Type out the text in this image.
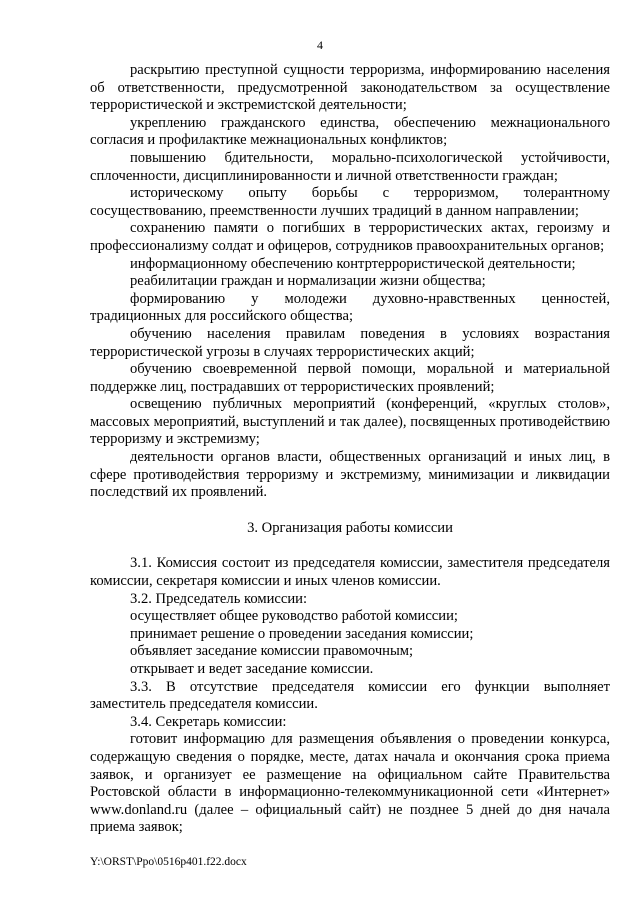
4

раскрытию преступной сущности терроризма, информированию населения об ответственности, предусмотренной законодательством за осуществление террористической и экстремистской деятельности;

укреплению гражданского единства, обеспечению межнационального согласия и профилактике межнациональных конфликтов;

повышению бдительности, морально-психологической устойчивости, сплоченности, дисциплинированности и личной ответственности граждан;

историческому опыту борьбы с терроризмом, толерантному сосуществованию, преемственности лучших традиций в данном направлении;

сохранению памяти о погибших в террористических актах, героизму и профессионализму солдат и офицеров, сотрудников правоохранительных органов;

информационному обеспечению контртеррористической деятельности;

реабилитации граждан и нормализации жизни общества;

формированию у молодежи духовно-нравственных ценностей, традиционных для российского общества;

обучению населения правилам поведения в условиях возрастания террористической угрозы в случаях террористических акций;

обучению своевременной первой помощи, моральной и материальной поддержке лиц, пострадавших от террористических проявлений;

освещению публичных мероприятий (конференций, «круглых столов», массовых мероприятий, выступлений и так далее), посвященных противодействию терроризму и экстремизму;

деятельности органов власти, общественных организаций и иных лиц, в сфере противодействия терроризму и экстремизму, минимизации и ликвидации последствий их проявлений.

3. Организация работы комиссии

3.1. Комиссия состоит из председателя комиссии, заместителя председателя комиссии, секретаря комиссии и иных членов комиссии.

3.2. Председатель комиссии:

осуществляет общее руководство работой комиссии;

принимает решение о проведении заседания комиссии;

объявляет заседание комиссии правомочным;

открывает и ведет заседание комиссии.

3.3. В отсутствие председателя комиссии его функции выполняет заместитель председателя комиссии.

3.4. Секретарь комиссии:

готовит информацию для размещения объявления о проведении конкурса, содержащую сведения о порядке, месте, датах начала и окончания срока приема заявок, и организует ее размещение на официальном сайте Правительства Ростовской области в информационно-телекоммуникационной сети «Интернет» www.donland.ru (далее – официальный сайт) не позднее 5 дней до дня начала приема заявок;

Y:\ORST\Ppo\0516p401.f22.docx
